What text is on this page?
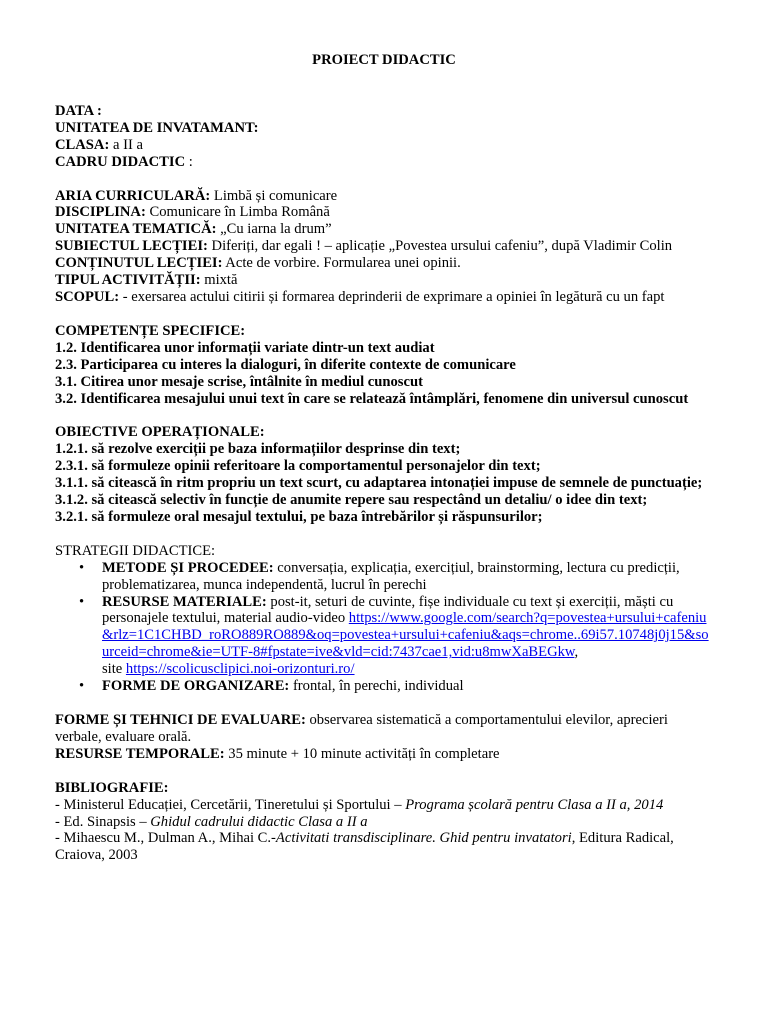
PROIECT DIDACTIC
DATA :
UNITATEA DE INVATAMANT:
CLASA: a II a
CADRU DIDACTIC :
ARIA CURRICULARĂ: Limbă și comunicare
DISCIPLINA: Comunicare în Limba Română
UNITATEA TEMATICĂ: „Cu iarna la drum”
SUBIECTUL LECȚIEI: Diferiți, dar egali ! – aplicație „Povestea ursului cafeniu”, după Vladimir Colin
CONȚINUTUL LECȚIEI: Acte de vorbire. Formularea unei opinii.
TIPUL ACTIVITĂȚII: mixtă
SCOPUL: - exersarea actului citirii și formarea deprinderii de exprimare a opiniei în legătură cu un fapt
COMPETENȚE SPECIFICE:
1.2. Identificarea unor informații variate dintr-un text audiat
2.3. Participarea cu interes la dialoguri, în diferite contexte de comunicare
3.1. Citirea unor mesaje scrise, întâlnite în mediul cunoscut
3.2. Identificarea mesajului unui text în care se relatează întâmplări, fenomene din universul cunoscut
OBIECTIVE OPERAȚIONALE:
1.2.1. să rezolve exerciții pe baza informațiilor desprinse din text;
2.3.1. să formuleze opinii referitoare la comportamentul personajelor din text;
3.1.1. să citească în ritm propriu un text scurt, cu adaptarea intonației impuse de semnele de punctuație;
3.1.2. să citească selectiv în funcție de anumite repere sau respectând un detaliu/ o idee din text;
3.2.1. să formuleze oral mesajul textului, pe baza întrebărilor și răspunsurilor;
STRATEGII DIDACTICE:
• METODE ȘI PROCEDEE: conversația, explicația, exercițiul, brainstorming, lectura cu predicții, problematizarea, munca independentă, lucrul în perechi
• RESURSE MATERIALE: post-it, seturi de cuvinte, fișe individuale cu text și exerciții, măști cu personajele textului, material audio-video https://www.google.com/search?q=povestea+ursului+cafeniu&rlz=1C1CHBD_roRO889RO889&oq=povestea+ursului+cafeniu&aqs=chrome..69i57.10748j0j15&sourceid=chrome&ie=UTF-8#fpstate=ive&vld=cid:7437cae1,vid:u8mwXaBEGkw,
site https://scolicusclipici.noi-orizonturi.ro/
• FORME DE ORGANIZARE: frontal, în perechi, individual
FORME ȘI TEHNICI DE EVALUARE: observarea sistematică a comportamentului elevilor, aprecieri verbale, evaluare orală.
RESURSE TEMPORALE: 35 minute + 10 minute activități în completare
BIBLIOGRAFIE:
- Ministerul Educației, Cercetării, Tineretului și Sportului – Programa școlară pentru Clasa a II a, 2014
- Ed. Sinapsis – Ghidul cadrului didactic Clasa a II a
- Mihaescu M., Dulman A., Mihai C.-Activitati transdisciplinare. Ghid pentru invatatori, Editura Radical, Craiova, 2003
